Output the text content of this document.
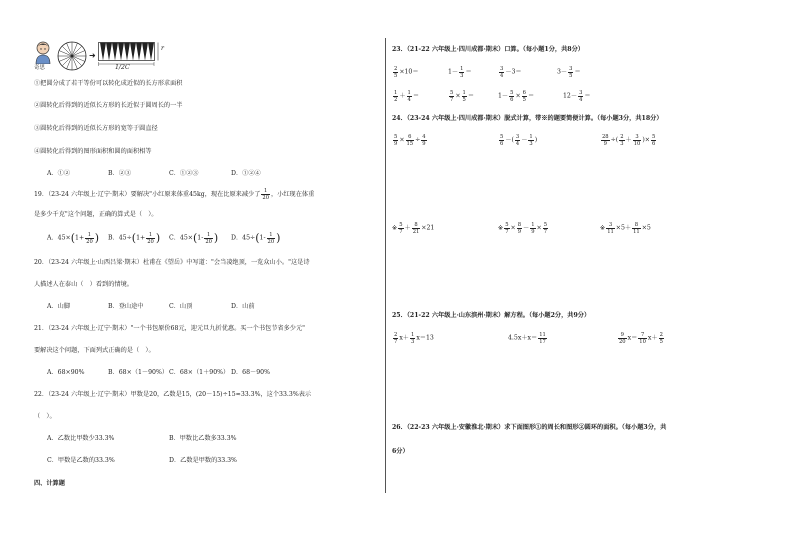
奇思
➜
r
1/2C
①把圆分成了若干等份可以转化成近似的长方形求面积
②圆转化后得到的近似长方形的长近似于圆周长的一半
③圆转化后得到的近似长方形的宽等于圆直径
④圆转化后得到的图形面积和圆的面积相等
A．①②	B．②③	C．①②③	D．①②④
19．（23-24 六年级上·辽宁·期末）要解决"小红原来体重45kg，现在比原来减少了 $\frac{1}{20}$ ，小红现在体重
是多少千克"这个问题，正确的算式是（　）。
A．$45\times(1+ \frac{1}{20}$ ) B．$45\div(1+ \frac{1}{20}$ ) C．$45\times(1- \frac{1}{20}$ ) D．$45\div(1- \frac{1}{20}$ )
20．（23-24 六年级上·山西吕梁·期末）杜甫在《望岳》中写道："会当凌绝顶，一览众山小。"这是诗
人描述人在泰山（　）看到的情境。
A．山脚	B．登山途中	C．山顶	D．山前
21．（23-24 六年级上·辽宁·期末）"一个书包原价68元，迎元旦九折优惠。买一个书包节省多少元"
要解决这个问题，下面列式正确的是（　）。
A．68×90%	B．68×（1－90%） C．68×（1＋90%） D．68－90%
22．（23-24 六年级上·辽宁·期末）甲数是20，乙数是15，(20－15)÷15≈33.3%，这个33.3%表示
（　）。
A．乙数比甲数少33.3%	B．甲数比乙数多33.3%
C．甲数是乙数的33.3%	D．乙数是甲数的33.3%
四、计算题
23．（21-22 六年级上·四川成都·期末）口算。（每小题1分，共8分）
$\frac{2}{5} \times 10=$	$1- \frac{1}{3}$ ＝	$\frac{3}{4} -3=$	$3- \frac{3}{5}$ ＝
$\frac{1}{2} + \frac{1}{4}$ ＝	$\frac{5}{7} \times \frac{1}{5}$ ＝	$1- \frac{5}{6} \times \frac{6}{5}$ ＝	$12- \frac{3}{4}$ ＝
24．（23-24 六年级上·四川成都·期末）脱式计算，带※的题要简便计算。（每小题3分，共18分）
$\frac{5}{9} \times \frac{6}{15} \div \frac{4}{9}$	$\frac{5}{6}$ －( $\frac{3}{4} - \frac{1}{3}$ )	$\frac{28}{9}$ ÷( $\frac{2}{3} + \frac{3}{10}$ )× $\frac{5}{6}$
※ $\frac{5}{7} + \frac{8}{21} \times 21$	※ $\frac{5}{7} \times \frac{8}{9} - \frac{1}{9} \times \frac{5}{7}$	※ $\frac{3}{11} \times 5+ \frac{8}{11} \times 5$
25．（21-22 六年级上·山东滨州·期末）解方程。（每小题2分，共9分）
$\frac{2}{7} x+ \frac{1}{3} x=13$	$4.5x+x= \frac{11}{17}$	$\frac{9}{20} x= \frac{7}{10} x+ \frac{2}{5}$
26．（22-23 六年级上·安徽淮北·期末）求下面图形①的周长和图形②圆环的面积。（每小题3分，共
6分）
